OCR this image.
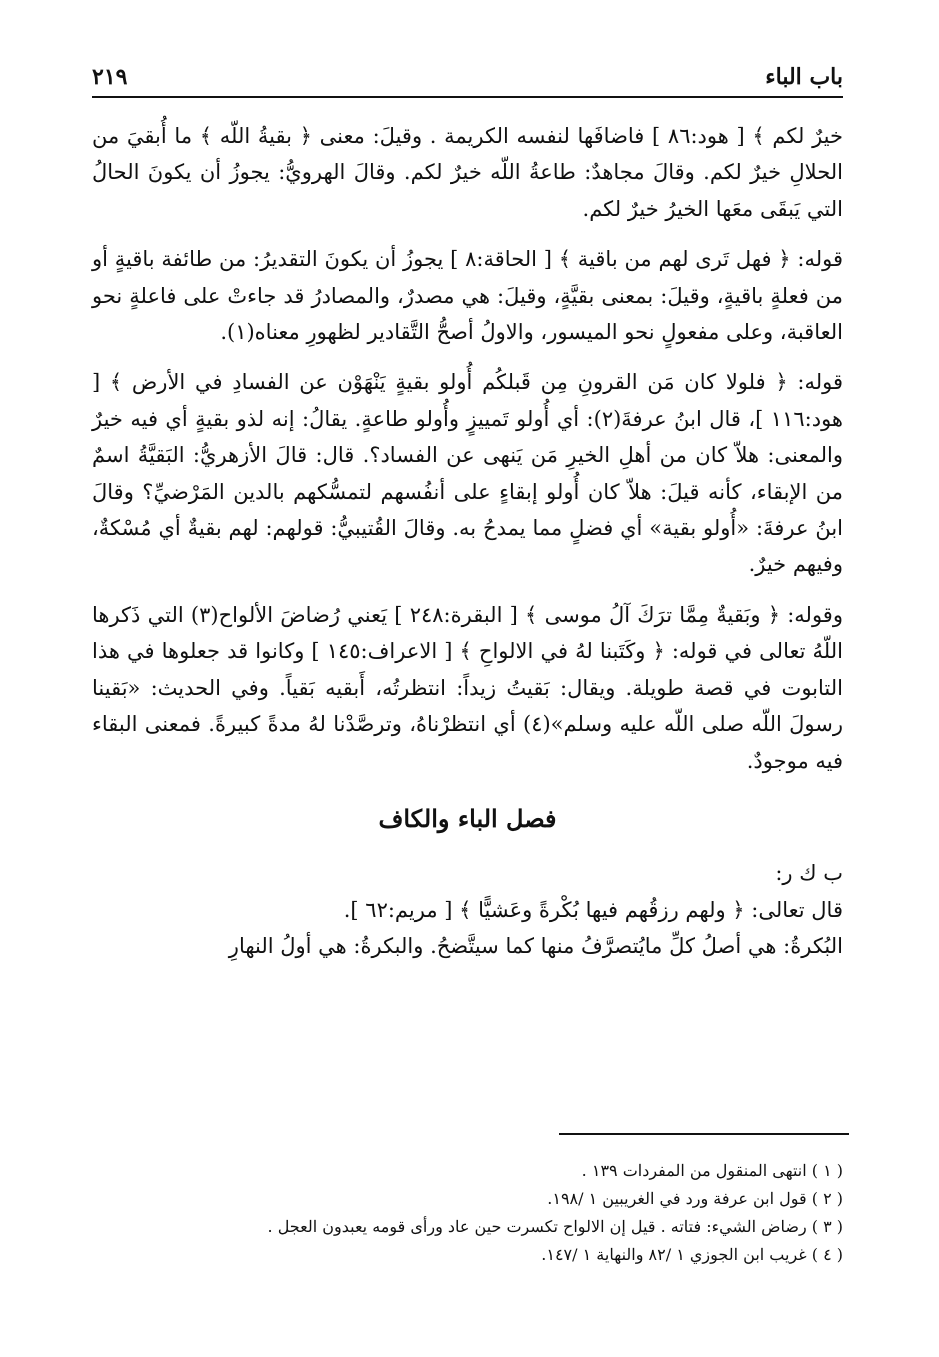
باب الباء
٢١٩

خيرٌ لكم ﴾ [ هود:٨٦ ] فاضافَها لنفسه الكريمة . وقيلَ: معنى ﴿ بقيةُ اللّه ﴾ ما أُبقيَ من الحلالِ خيرٌ لكم. وقالَ مجاهدٌ: طاعةُ اللّه خيرٌ لكم. وقالَ الهرويُّ: يجوزُ أن يكونَ الحالُ التي يَبقَى معَها الخيرُ خيرٌ لكم.

قوله: ﴿ فهل تَرى لهم من باقية ﴾ [ الحاقة:٨ ] يجوزُ أن يكونَ التقديرُ: من طائفة باقيةٍ أو من فعلةٍ باقيةٍ، وقيلَ: بمعنى بقيَّةٍ، وقيلَ: هي مصدرٌ، والمصادرُ قد جاءتْ على فاعلةٍ نحو العاقبة، وعلى مفعولٍ نحو الميسور، والاولُ أصحُّ التَّقادير لظهورِ معناه(١).

قوله: ﴿ فلولا كان مَن القرونِ مِن قَبلكُم أُولو بقيةٍ يَنْهَوْن عن الفسادِ في الأرض ﴾ [ هود:١١٦ ]، قال ابنُ عرفةَ(٢): أي أُولو تَمييزٍ وأُولو طاعةٍ. يقالُ: إنه لذو بقيةٍ أي فيه خيرٌ والمعنى: هلاّ كان من أهلِ الخيرِ مَن يَنهى عن الفساد؟. قال: قالَ الأزهريُّ: البَقيَّةُ اسمٌ من الإبقاء، كأنه قيلَ: هلاّ كان أُولو إبقاءٍ على أنفُسهم لتمسُّكهم بالدين المَرْضيِّ؟ وقالَ ابنُ عرفةَ: «أُولو بقية» أي فضلٍ مما يمدحُ به. وقالَ القُتيبيُّ: قولهم: لهم بقيةٌ أي مُسْكةٌ، وفيهم خيرٌ.

وقوله: ﴿ وبَقيةٌ مِمَّا ترَكَ آلُ موسى ﴾ [ البقرة:٢٤٨ ] يَعني رُضاضَ الألواح(٣) التي ذَكرها اللّهُ تعالى في قوله: ﴿ وكَتَبنا لهُ في الالواحِ ﴾ [ الاعراف:١٤٥ ] وكانوا قد جعلوها في هذا التابوت في قصة طويلة. ويقال: بَقيتُ زيداً: انتظرتُه، أَبقيه بَقياً. وفي الحديث: «بَقينا رسولَ اللّه صلى اللّه عليه وسلم»(٤) أي انتظرْناهُ، وترصَّدْنا لهُ مدةً كبيرةً. فمعنى البقاء فيه موجودٌ.

فصل الباء والكاف

ب ك ر:

قال تعالى: ﴿ ولهم رزقُهم فيها بُكْرةً وعَشيًّا ﴾ [ مريم:٦٢ ].

البُكرةُ: هي أصلُ كلِّ مايُتصرَّفُ منها كما سيتَّضحُ. والبكرةُ: هي أولُ النهارِ

( ١ ) انتهى المنقول من المفردات ١٣٩ .

( ٢ ) قول ابن عرفة ورد في الغريبين ١ /١٩٨.

( ٣ ) رضاض الشيء: فتاته . قيل إن الالواح تكسرت حين عاد ورأى قومه يعبدون العجل .

( ٤ ) غريب ابن الجوزي ١ /٨٢ والنهاية ١ /١٤٧.
